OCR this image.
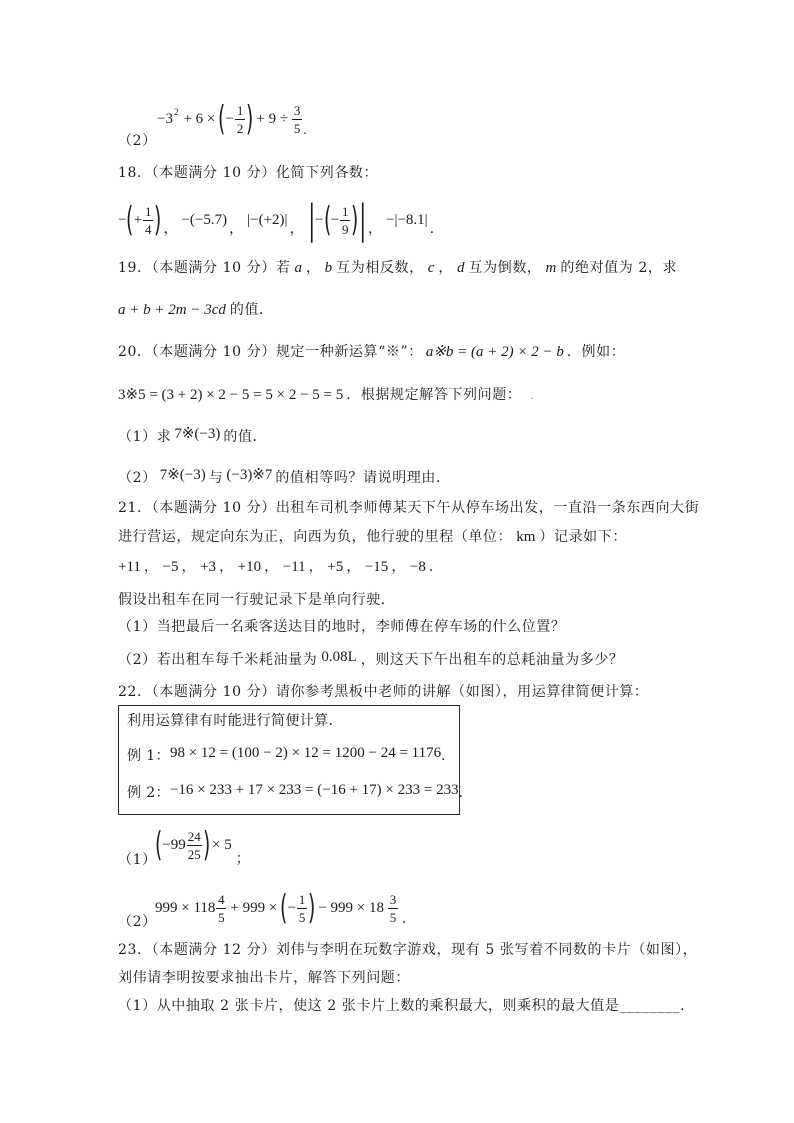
（2）
−3 2 + 6 × ( − $\frac{1}{2}$ ) + $9 \div \frac{3}{5}$ .
18．（本题满分 10 分）化简下列各数：
− ( + $\frac{1}{4}$ ) ，
−(−5.7)
，
|−(+2)|
， | − ( − $\frac{1}{9}$ ) | ，
−|−8.1|
．
19．（本题满分 10 分）若 a ， b 互为相反数， c ， d 互为倒数， m 的绝对值为 2，求
a + b + 2m − 3cd 的值．
20．（本题满分 10 分）规定一种新运算“※”： a※b = (a + 2) × 2 − b ．例如：
3※5 = (3 + 2) × 2 − 5 = 5 × 2 − 5 = 5 ．根据规定解答下列问题： .
（1）求 7※(−3) 的值．
（2） 7※(−3) 与 (−3)※7 的值相等吗？请说明理由．
21．（本题满分 10 分）出租车司机李师傅某天下午从停车场出发，一直沿一条东西向大街
进行营运，规定向东为正，向西为负，他行驶的里程（单位： km ）记录如下：
+11 ， −5 ， +3 ， +10 ， −11 ， +5 ， −15 ， −8 ．
假设出租车在同一行驶记录下是单向行驶．
（1）当把最后一名乘客送达目的地时，李师傅在停车场的什么位置？
（2）若出租车每千米耗油量为 0.08L ，则这天下午出租车的总耗油量为多少？
22．（本题满分 10 分）请你参考黑板中老师的讲解（如图），用运算律简便计算：
利用运算律有时能进行简便计算．
例 1：98 × 12 = (100 − 2) × 12 = 1200 − 24 = 1176．
例 2：−16 × 233 + 17 × 233 = (−16 + 17) × 233 = 233．
（1）
( $-99 \frac{24}{25}$ ) × 5
；
（2）
$999 \times 118 \frac{4}{5} + 999$ × ( − $\frac{1}{5}$ ) − $999 \times 18 \frac{3}{5}$ ．
23．（本题满分 12 分）刘伟与李明在玩数字游戏，现有 5 张写着不同数的卡片（如图），
刘伟请李明按要求抽出卡片，解答下列问题：
（1）从中抽取 2 张卡片，使这 2 张卡片上数的乘积最大，则乘积的最大值是________．
